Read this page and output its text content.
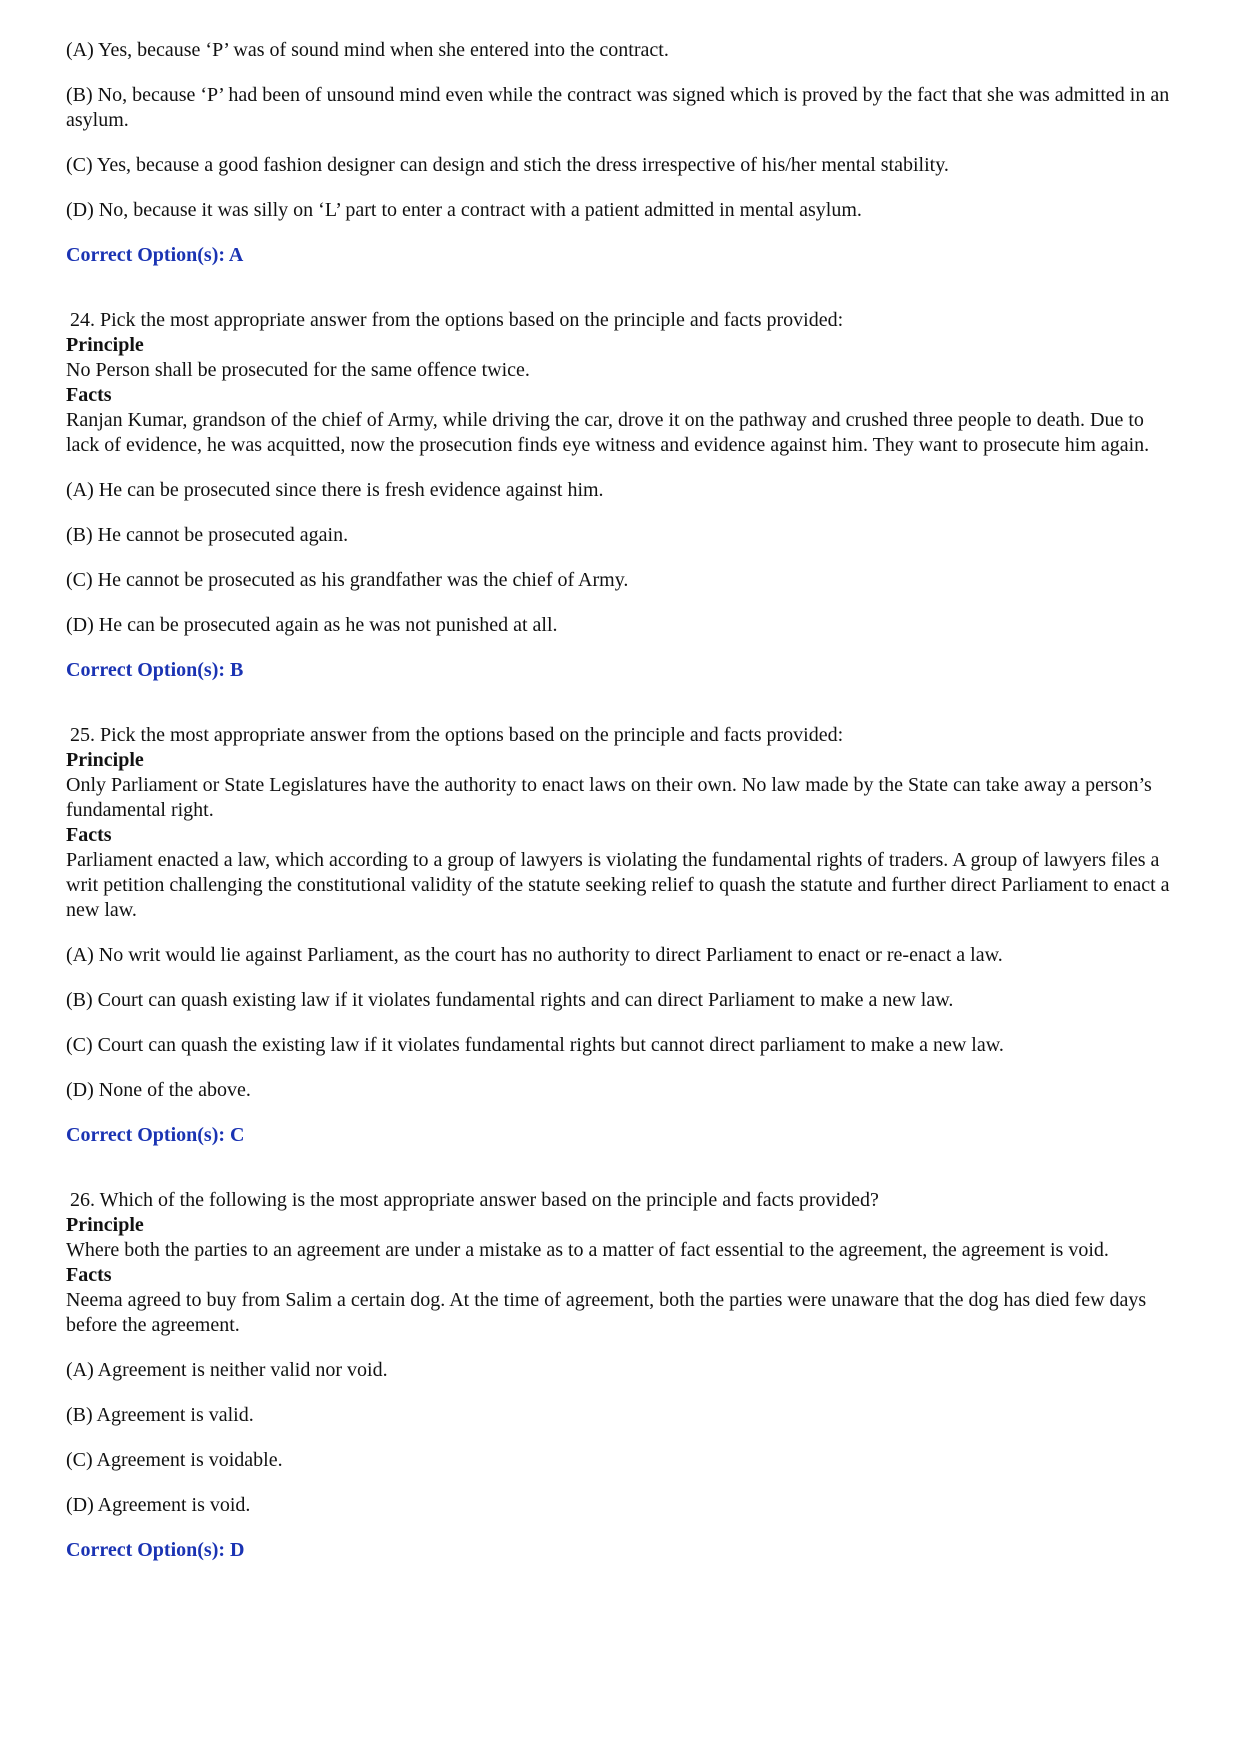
(A) Yes, because ‘P’ was of sound mind when she entered into the contract.

(B) No, because ‘P’ had been of unsound mind even while the contract was signed which is proved by the fact that she was admitted in an asylum.

(C) Yes, because a good fashion designer can design and stich the dress irrespective of his/her mental stability.

(D) No, because it was silly on ‘L’ part to enter a contract with a patient admitted in mental asylum.

Correct Option(s): A

24. Pick the most appropriate answer from the options based on the principle and facts provided:

Principle

No Person shall be prosecuted for the same offence twice.

Facts

Ranjan Kumar, grandson of the chief of Army, while driving the car, drove it on the pathway and crushed three people to death. Due to lack of evidence, he was acquitted, now the prosecution finds eye witness and evidence against him. They want to prosecute him again.

(A) He can be prosecuted since there is fresh evidence against him.

(B) He cannot be prosecuted again.

(C) He cannot be prosecuted as his grandfather was the chief of Army.

(D) He can be prosecuted again as he was not punished at all.

Correct Option(s): B

25. Pick the most appropriate answer from the options based on the principle and facts provided:

Principle

Only Parliament or State Legislatures have the authority to enact laws on their own. No law made by the State can take away a person’s fundamental right.

Facts

Parliament enacted a law, which according to a group of lawyers is violating the fundamental rights of traders. A group of lawyers files a writ petition challenging the constitutional validity of the statute seeking relief to quash the statute and further direct Parliament to enact a new law.

(A) No writ would lie against Parliament, as the court has no authority to direct Parliament to enact or re-enact a law.

(B) Court can quash existing law if it violates fundamental rights and can direct Parliament to make a new law.

(C) Court can quash the existing law if it violates fundamental rights but cannot direct parliament to make a new law.

(D) None of the above.

Correct Option(s): C

26. Which of the following is the most appropriate answer based on the principle and facts provided?

Principle

Where both the parties to an agreement are under a mistake as to a matter of fact essential to the agreement, the agreement is void.

Facts

Neema agreed to buy from Salim a certain dog. At the time of agreement, both the parties were unaware that the dog has died few days before the agreement.

(A) Agreement is neither valid nor void.

(B) Agreement is valid.

(C) Agreement is voidable.

(D) Agreement is void.

Correct Option(s): D
